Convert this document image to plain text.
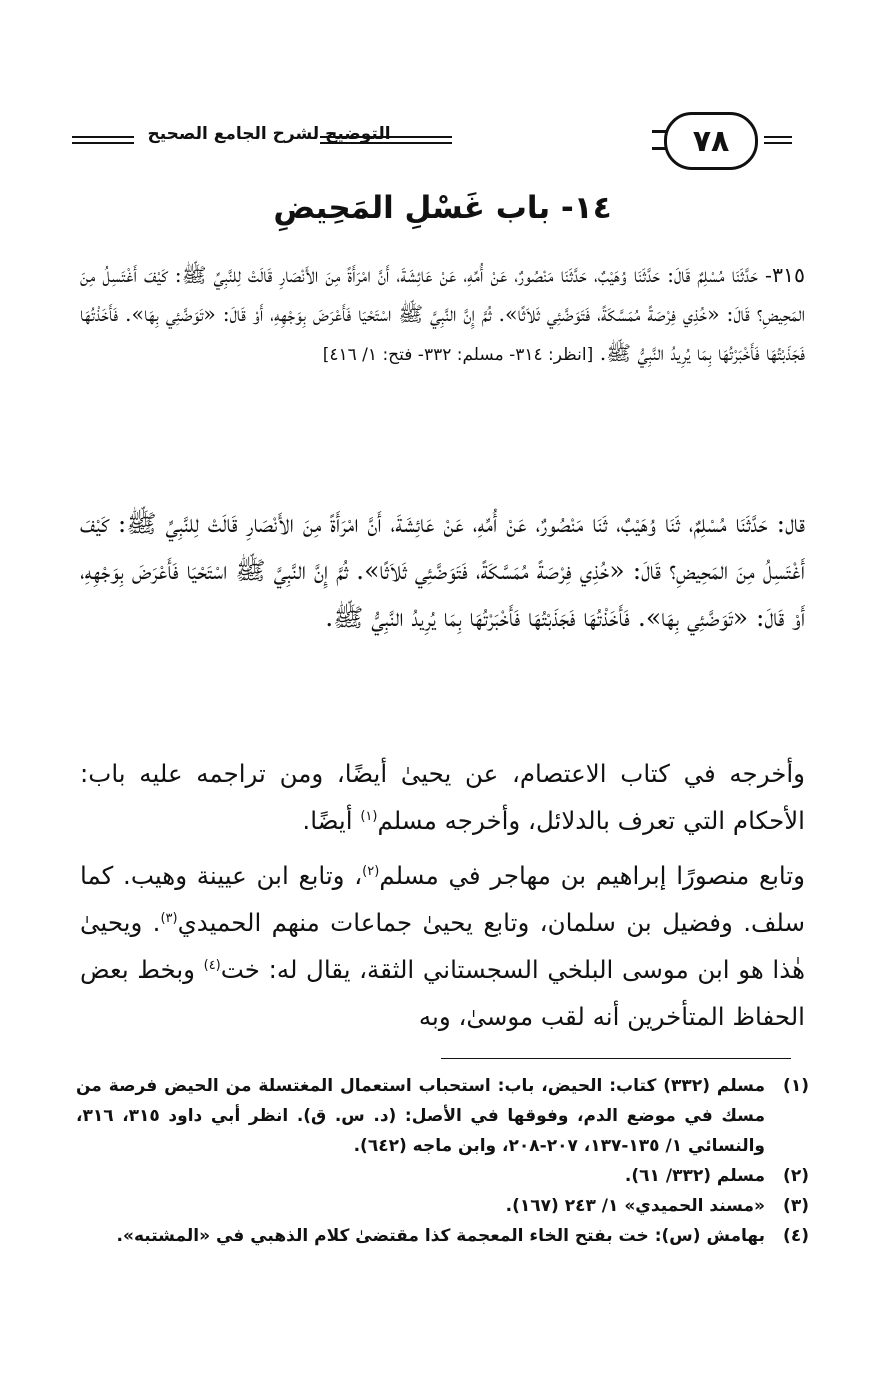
٧٨
التوضيح لشرح الجامع الصحيح
١٤- باب غَسْلِ المَحِيضِ
٣١٥- حَدَّثَنَا مُسْلِمٌ قَالَ: حَدَّثَنَا وُهَيْبٌ، حَدَّثَنَا مَنْصُورٌ، عَنْ أُمِّهِ، عَنْ عَائِشَةَ، أَنَّ امْرَأَةً مِنَ الأَنْصَارِ قَالَتْ لِلنَّبِيِّ ﷺ: كَيْفَ أَغْتَسِلُ مِنَ المَحِيضِ؟ قَالَ: «خُذِي فِرْصَةً مُمَسَّكَةً، فَتَوَضَّئِي ثَلاَثًا». ثُمَّ إِنَّ النَّبِيَّ ﷺ اسْتَحْيَا فَأَعْرَضَ بِوَجْهِهِ، أَوْ قَالَ: «تَوَضَّئِي بِهَا». فَأَخَذْتُهَا فَجَذَبْتُهَا فَأَخْبَرْتُهَا بِمَا يُرِيدُ النَّبِيُّ ﷺ. [انظر: ٣١٤- مسلم: ٣٣٢- فتح: ١/ ٤١٦]
قال: حَدَّثَنَا مُسْلِمٌ، ثَنَا وُهَيْبٌ، ثَنَا مَنْصُورٌ، عَنْ أُمِّهِ، عَنْ عَائِشَةَ، أَنَّ امْرَأَةً مِنَ الأَنْصَارِ قَالَتْ لِلنَّبِيِّ ﷺ: كَيْفَ أَغْتَسِلُ مِنَ المَحِيضِ؟ قَالَ: «خُذِي فِرْصَةً مُمَسَّكَةً، فَتَوَضَّئِي ثَلاَثًا». ثُمَّ إِنَّ النَّبِيَّ ﷺ اسْتَحْيَا فَأَعْرَضَ بِوَجْهِهِ، أَوْ قَالَ: «تَوَضَّئِي بِهَا». فَأَخَذْتُهَا فَجَذَبْتُهَا فَأَخْبَرْتُهَا بِمَا يُرِيدُ النَّبِيُّ ﷺ.
وأخرجه في كتاب الاعتصام، عن يحيىٰ أيضًا، ومن تراجمه عليه باب: الأحكام التي تعرف بالدلائل، وأخرجه مسلم$^{(١)}$ أيضًا.
وتابع منصورًا إبراهيم بن مهاجر في مسلم$^{(٢)}$، وتابع ابن عيينة وهيب. كما سلف. وفضيل بن سلمان، وتابع يحيىٰ جماعات منهم الحميدي$^{(٣)}$. ويحيىٰ هٰذا هو ابن موسى البلخي السجستاني الثقة، يقال له: خت$^{(٤)}$ وبخط بعض الحفاظ المتأخرين أنه لقب موسىٰ، وبه
(١)
مسلم (٣٣٢) كتاب: الحيض، باب: استحباب استعمال المغتسلة من الحيض فرصة من مسك في موضع الدم، وفوقها في الأصل: (د. س. ق). انظر أبي داود ٣١٥، ٣١٦، والنسائي ١/ ١٣٥-١٣٧، ٢٠٧-٢٠٨، وابن ماجه (٦٤٢).
(٢)
مسلم (٣٣٢/ ٦١).
(٣)
«مسند الحميدي» ١/ ٢٤٣ (١٦٧).
(٤)
بهامش (س): خت بفتح الخاء المعجمة كذا مقتضىٰ كلام الذهبي في «المشتبه».
